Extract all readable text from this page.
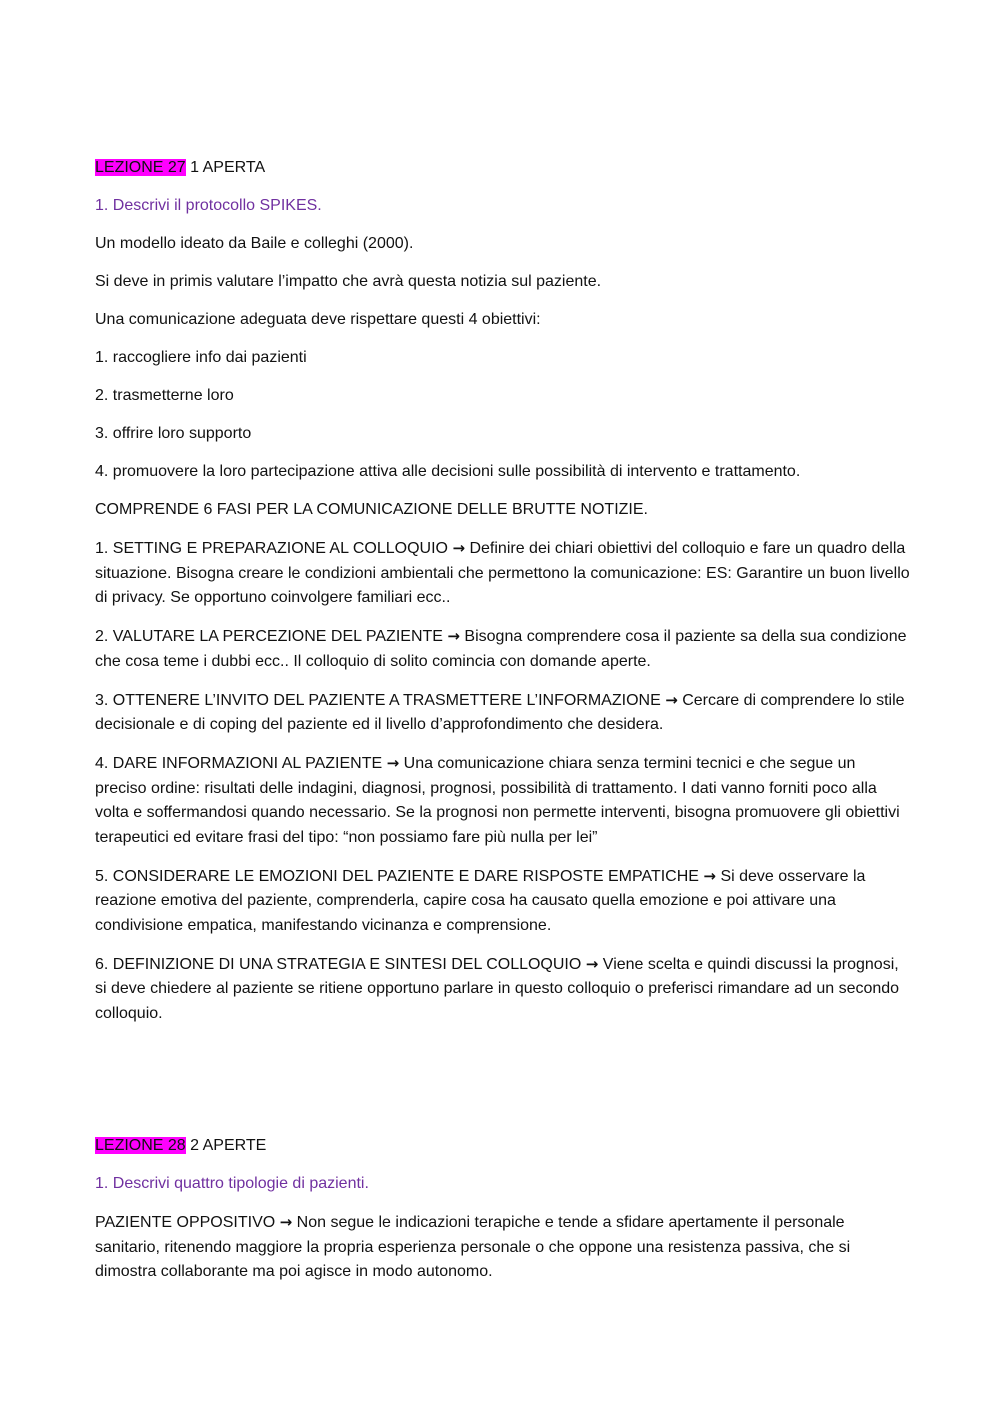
LEZIONE 27 1 APERTA

1. Descrivi il protocollo SPIKES.

Un modello ideato da Baile e colleghi (2000).

Si deve in primis valutare l’impatto che avrà questa notizia sul paziente.

Una comunicazione adeguata deve rispettare questi 4 obiettivi:

1. raccogliere info dai pazienti

2. trasmetterne loro

3. offrire loro supporto

4. promuovere la loro partecipazione attiva alle decisioni sulle possibilità di intervento e trattamento.

COMPRENDE 6 FASI PER LA COMUNICAZIONE DELLE BRUTTE NOTIZIE.

1. SETTING E PREPARAZIONE AL COLLOQUIO → Definire dei chiari obiettivi del colloquio e fare un quadro della situazione. Bisogna creare le condizioni ambientali che permettono la comunicazione: ES: Garantire un buon livello di privacy. Se opportuno coinvolgere familiari ecc..

2. VALUTARE LA PERCEZIONE DEL PAZIENTE → Bisogna comprendere cosa il paziente sa della sua condizione che cosa teme i dubbi ecc.. Il colloquio di solito comincia con domande aperte.

3. OTTENERE L’INVITO DEL PAZIENTE A TRASMETTERE L’INFORMAZIONE → Cercare di comprendere lo stile decisionale e di coping del paziente ed il livello d’approfondimento che desidera.

4. DARE INFORMAZIONI AL PAZIENTE → Una comunicazione chiara senza termini tecnici e che segue un preciso ordine: risultati delle indagini, diagnosi, prognosi, possibilità di trattamento. I dati vanno forniti poco alla volta e soffermandosi quando necessario. Se la prognosi non permette interventi, bisogna promuovere gli obiettivi terapeutici ed evitare frasi del tipo: “non possiamo fare più nulla per lei”

5. CONSIDERARE LE EMOZIONI DEL PAZIENTE E DARE RISPOSTE EMPATICHE → Si deve osservare la reazione emotiva del paziente, comprenderla, capire cosa ha causato quella emozione e poi attivare una condivisione empatica, manifestando vicinanza e comprensione.

6. DEFINIZIONE DI UNA STRATEGIA E SINTESI DEL COLLOQUIO → Viene scelta e quindi discussi la prognosi, si deve chiedere al paziente se ritiene opportuno parlare in questo colloquio o preferisci rimandare ad un secondo colloquio.

LEZIONE 28 2 APERTE

1. Descrivi quattro tipologie di pazienti.

PAZIENTE OPPOSITIVO → Non segue le indicazioni terapiche e tende a sfidare apertamente il personale sanitario, ritenendo maggiore la propria esperienza personale o che oppone una resistenza passiva, che si dimostra collaborante ma poi agisce in modo autonomo.
